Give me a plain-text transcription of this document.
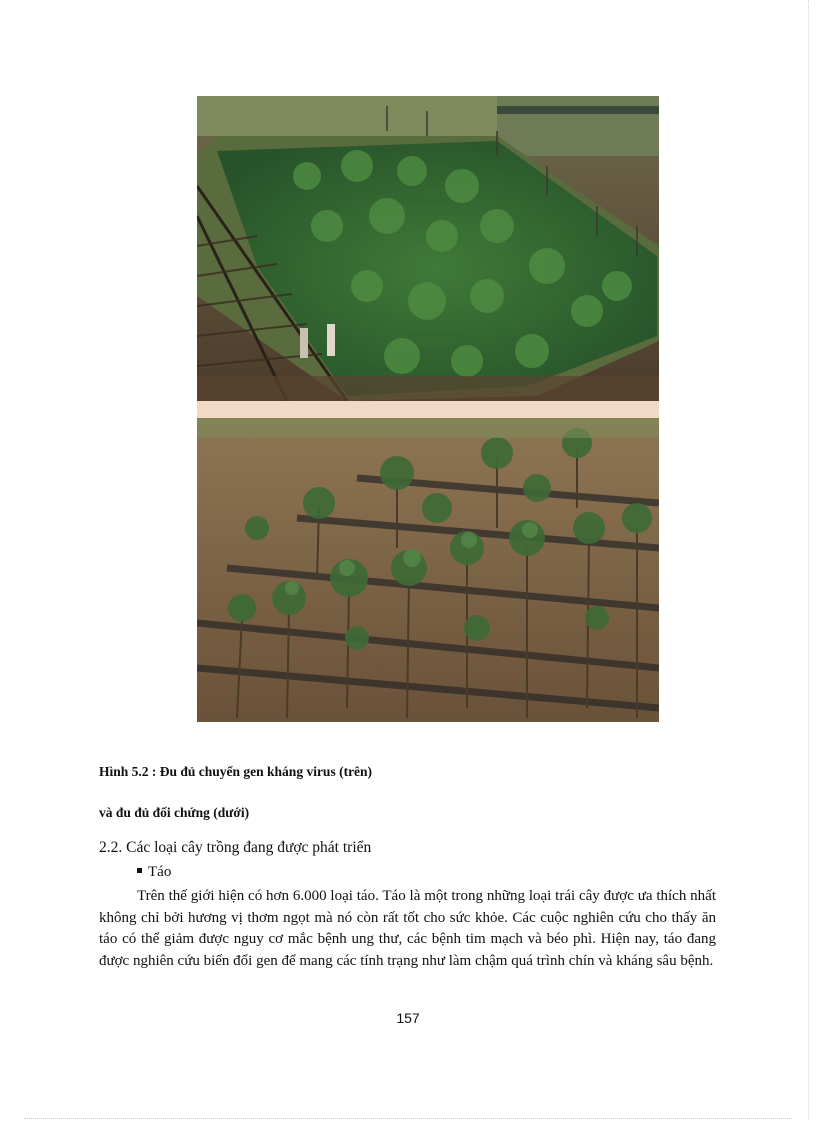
Hình 5.2 : Đu đủ chuyển gen kháng virus (trên)
và đu đủ đối chứng (dưới)
2.2. Các loại cây trồng đang được phát triển
Táo

Trên thế giới hiện có hơn 6.000 loại táo. Táo là một trong những loại trái cây được ưa thích nhất không chỉ bởi hương vị thơm ngọt mà nó còn rất tốt cho sức khỏe. Các cuộc nghiên cứu cho thấy ăn táo có thể giảm được nguy cơ mắc bệnh ung thư, các bệnh tim mạch và béo phì. Hiện nay, táo đang được nghiên cứu biến đổi gen để mang các tính trạng như làm chậm quá trình chín và kháng sâu bệnh.

157
